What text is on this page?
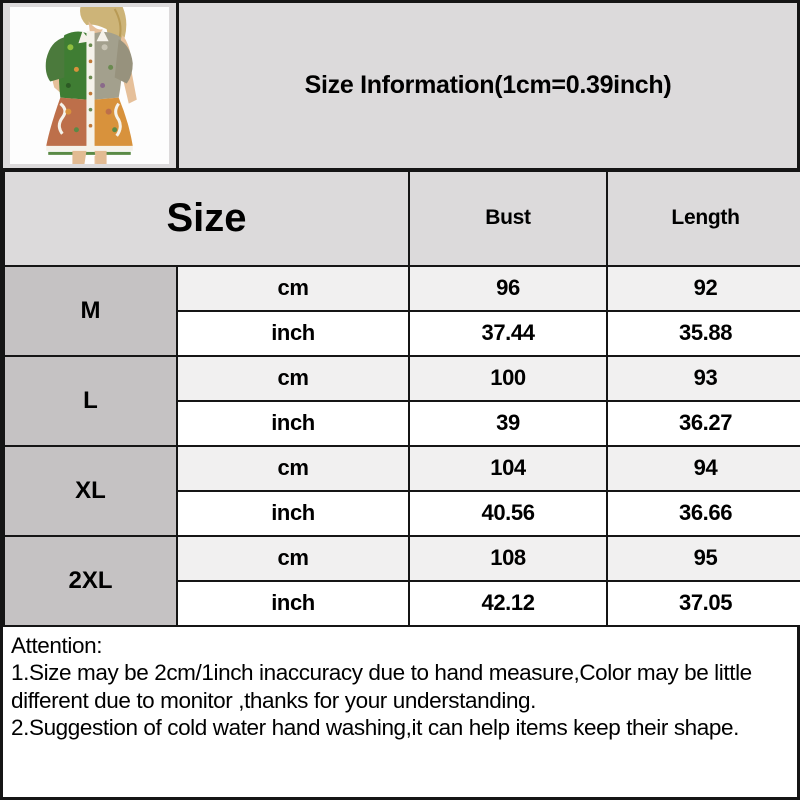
Size Information(1cm=0.39inch)
Size		Bust	Length
M	cm	96	92
	inch	37.44	35.88
L	cm	100	93
	inch	39	36.27
XL	cm	104	94
	inch	40.56	36.66
2XL	cm	108	95
	inch	42.12	37.05

Attention:

1.Size may be 2cm/1inch inaccuracy due to hand measure,Color may be little different due to monitor ,thanks for your understanding.

2.Suggestion of cold water hand washing,it can help items keep their shape.
